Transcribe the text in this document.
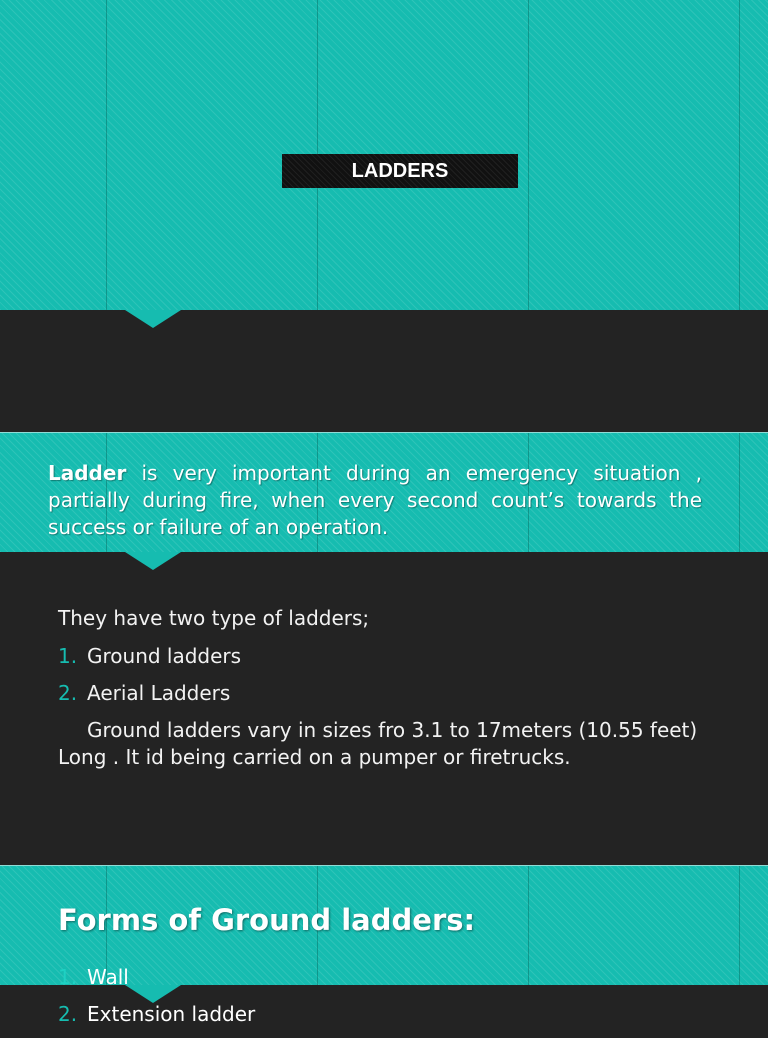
LADDERS
Ladder is very important during an emergency situation , partially during fire, when every second count’s towards the success or failure of an operation.
They have two type of ladders;
1. Ground ladders
2. Aerial Ladders
Ground ladders vary in sizes fro 3.1 to 17meters (10.55 feet) Long . It id being carried on a pumper or firetrucks.
Forms of Ground ladders:
1. Wall
2. Extension ladder
